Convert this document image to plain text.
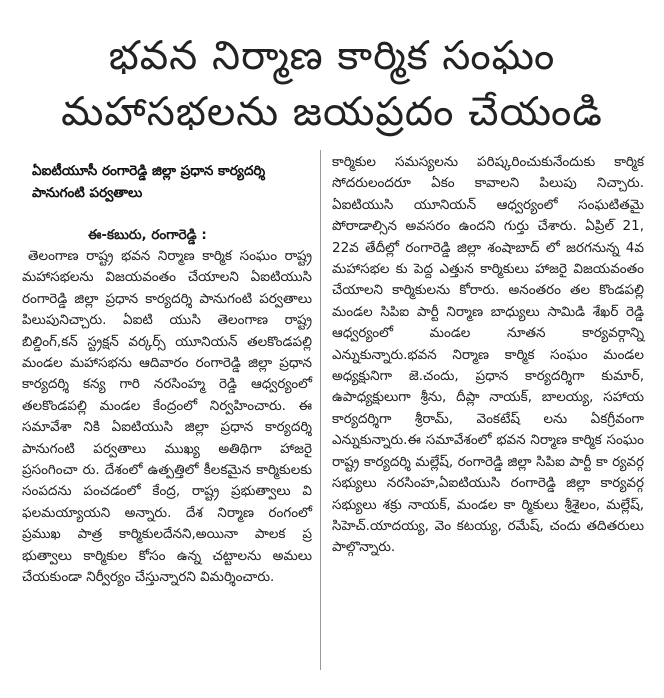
భవన నిర్మాణ కార్మిక సంఘం
మహాసభలను జయప్రదం చేయండి
ఏఐటీయూసీ రంగారెడ్డి జిల్లా ప్రధాన కార్యదర్శి
పానుగంటి పర్వతాలు
ఈ-కబురు, రంగారెడ్డి :

తెలంగాణ రాష్ట్ర భవన నిర్మాణ కార్మిక సంఘం రాష్ట్ర మహాసభలను విజయవంతం చేయాలని ఏఐటియుసి రంగారెడ్డి జిల్లా ప్రధాన కార్యదర్శి పానుగంటి పర్వతాలు పిలుపునిచ్చారు. ఏఐటి యుసి తెలంగాణ రాష్ట్ర బిల్డింగ్,కన్ స్ట్రక్షన్ వర్కర్స్ యూనియన్ తలకొండపల్లి మండల మహాసభను ఆదివారం రంగారెడ్డి జిల్లా ప్రధాన కార్యదర్శి కన్య గారి నరసింహ్మ రెడ్డి ఆధ్వర్యంలో తలకొండపల్లి మండల కేంద్రంలో నిర్వహించారు. ఈ సమావేశా నికి ఏఐటియుసి జిల్లా ప్రధాన కార్యదర్శి పానుగంటి పర్వతాలు ముఖ్య అతిథిగా హాజరై ప్రసంగించా రు. దేశంలో ఉత్పత్తిలో కీలకమైన కార్మికులకు సంపదను పంచడంలో కేంద్ర, రాష్ట్ర ప్రభుత్వాలు వి ఫలమయ్యాయని అన్నారు. దేశ నిర్మాణ రంగంలో ప్రముఖ పాత్ర కార్మికులదేనని,అయినా పాలక ప్ర భుత్వాలు కార్మికుల కోసం ఉన్న చట్టాలను అమలు చేయకుండా నిర్వీర్యం చేస్తున్నారని విమర్శించారు.

కార్మికుల సమస్యలను పరిష్కరించుకునేందుకు కార్మిక సోదరులందరూ ఏకం కావాలని పిలుపు నిచ్చారు. ఏఐటియుసి యూనియన్ ఆధ్వర్యంలో సంఘటితమై పోరాడాల్సిన అవసరం ఉందని గుర్తు చేశారు. ఏప్రిల్ 21, 22వ తేదీల్లో రంగారెడ్డి జిల్లా శంషాబాద్ లో జరగనున్న 4వ మహాసభల కు పెద్ద ఎత్తున కార్మికులు హాజరై విజయవంతం చేయాలని కార్మికులను కోరారు. అనంతరం తల కొండపల్లి మండల సిపిఐ పార్టీ నిర్మాణ బాధ్యులు సామిడి శేఖర్ రెడ్డి ఆధ్వర్యంలో మండల నూతన కార్యవర్గాన్ని ఎన్నుకున్నారు.భవన నిర్మాణ కార్మిక సంఘం మండల అధ్యక్షునిగా జె.చందు, ప్రధాన కార్యదర్శిగా కుమార్, ఉపాధ్యక్షులుగా శ్రీను, దీప్లా నాయక్, బాలయ్య, సహాయ కార్యదర్శిగా శ్రీరామ్, వెంకటేష్ లను ఏకగ్రీవంగా ఎన్నుకున్నారు.ఈ సమావేశంలో భవన నిర్మాణ కార్మిక సంఘం రాష్ట్ర కార్యదర్శి మల్లేష్, రంగారెడ్డి జిల్లా సిపిఐ పార్టీ కా ర్యవర్గ సభ్యులు నరసింహ,ఏఐటియుసి రంగారెడ్డి జిల్లా కార్యవర్గ సభ్యులు శక్రు నాయక్, మండల కా ర్మికులు శ్రీశైలం, మల్లేష్, సిహెచ్.యాదయ్య, వెం కటయ్య, రమేష్, చందు తదితరులు పాల్గొన్నారు.
